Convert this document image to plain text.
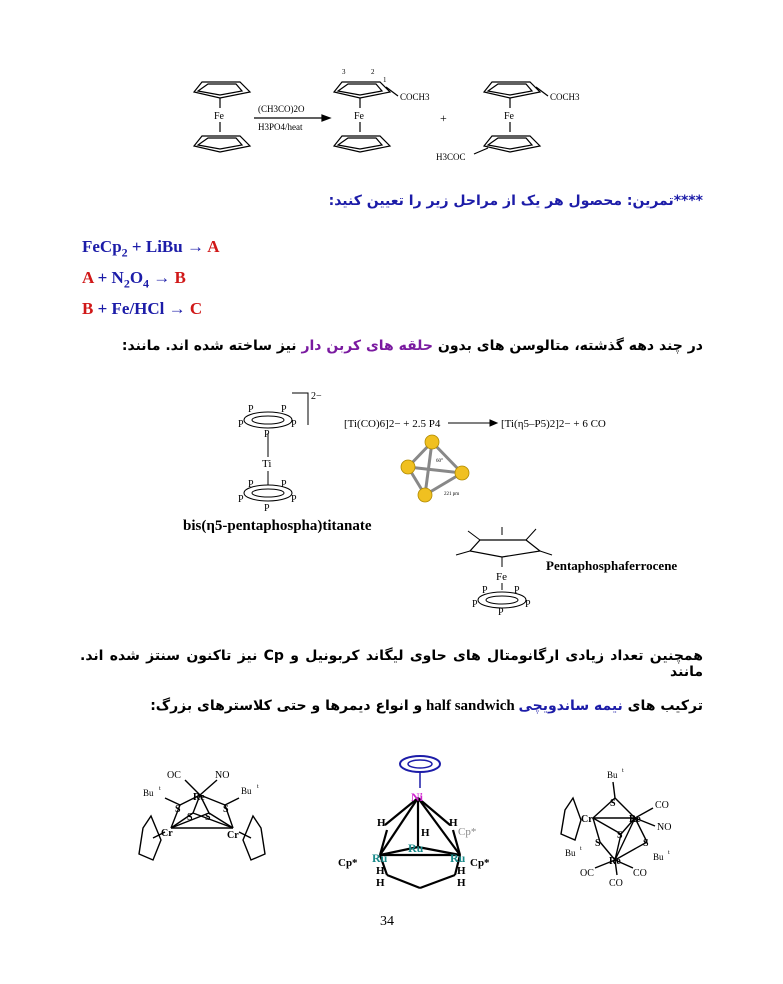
Fe
(CH3CO)2O
H3PO4/heat
Fe
3	2
1
COCH3
+	Fe
COCH3
H3COC
****تمرین: محصول هر یک از مراحل زیر را تعیین کنید:
FeCp$_2$ + LiBu → A
$A + N_2O_4 \to B$
B + Fe/HCl → C
در چند دهه گذشته، متالوسن های بدون حلقه های کربن دار نیز ساخته شده اند. مانند:
2−
P	P
P	P
P
Ti
P	P
P	P
P
[Ti(CO)6]2− + 2.5 P4	[Ti(η5–P5)2]2− + 6 CO
60°
221 pm
Fe
P	P
P	P
P
bis(η5-pentaphospha)titanate
Pentaphosphaferrocene
همچنین تعداد زیادی ارگانومتال های حاوی لیگاند کربونیل و Cp نیز تاکنون سنتز شده اند. مانند
ترکیب های نیمه ساندویچی half sandwich و انواع دیمرها و حتی کلاسترهای بزرگ:
OC	NO
Re
Bu t	Bu t
S	S
S S
Cr	Cr
Ni
H
H
H
Cp*
Ru
Ru
Ru
Cp*	Cp*
H	H
H	H
Bu t
S	CO
Cr	Re
NO
S
S	S
Bu t
Bu t
Re
OC
CO
CO
34
